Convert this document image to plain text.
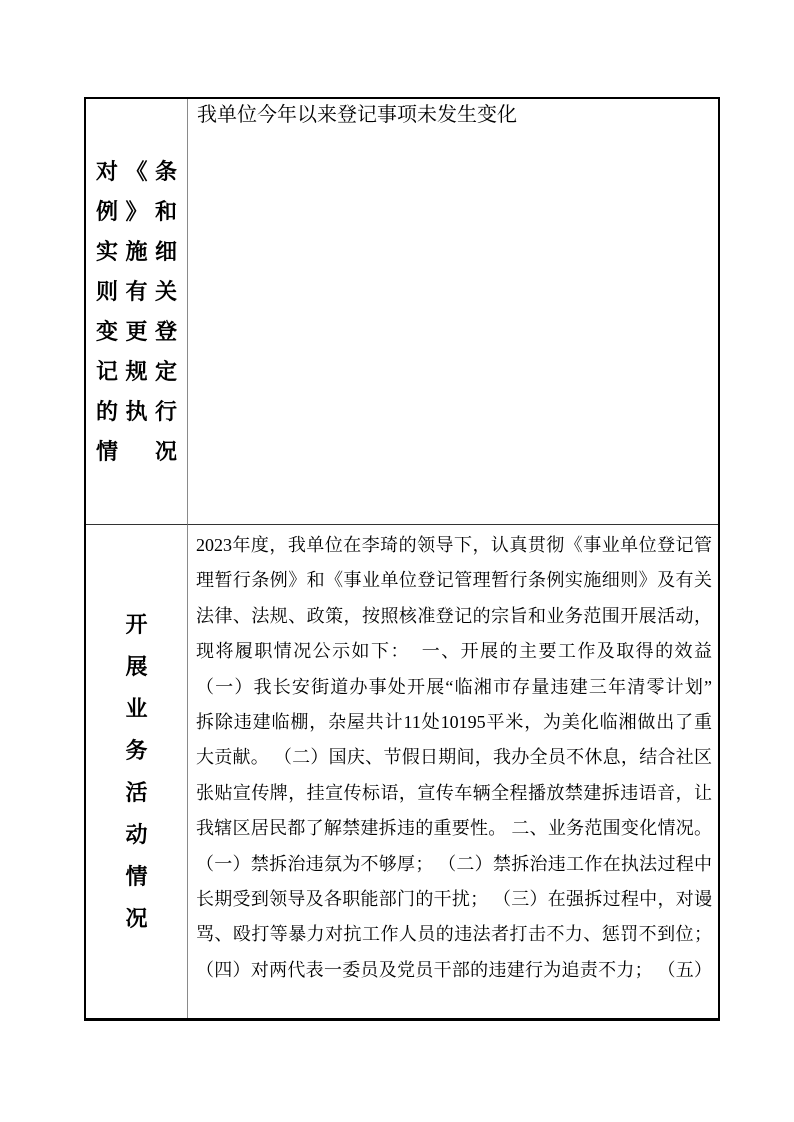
对《条
例》和
实施细
则有关
变更登
记规定
的执行
情况
我单位今年以来登记事项未发生变化
开
展
业
务
活
动
情
况
2023年度，我单位在李琦的领导下，认真贯彻《事业单位登记管
理暂行条例》和《事业单位登记管理暂行条例实施细则》及有关
法律、法规、政策，按照核准登记的宗旨和业务范围开展活动，
现将履职情况公示如下：  一、开展的主要工作及取得的效益
（一）我长安街道办事处开展“临湘市存量违建三年清零计划”
拆除违建临棚，杂屋共计11处10195平米，为美化临湘做出了重
大贡献。 （二）国庆、节假日期间，我办全员不休息，结合社区
张贴宣传牌，挂宣传标语，宣传车辆全程播放禁建拆违语音，让
我辖区居民都了解禁建拆违的重要性。 二、业务范围变化情况。
（一）禁拆治违氛为不够厚； （二）禁拆治违工作在执法过程中
长期受到领导及各职能部门的干扰； （三）在强拆过程中，对谩
骂、殴打等暴力对抗工作人员的违法者打击不力、惩罚不到位；
（四）对两代表一委员及党员干部的违建行为追责不力； （五）
